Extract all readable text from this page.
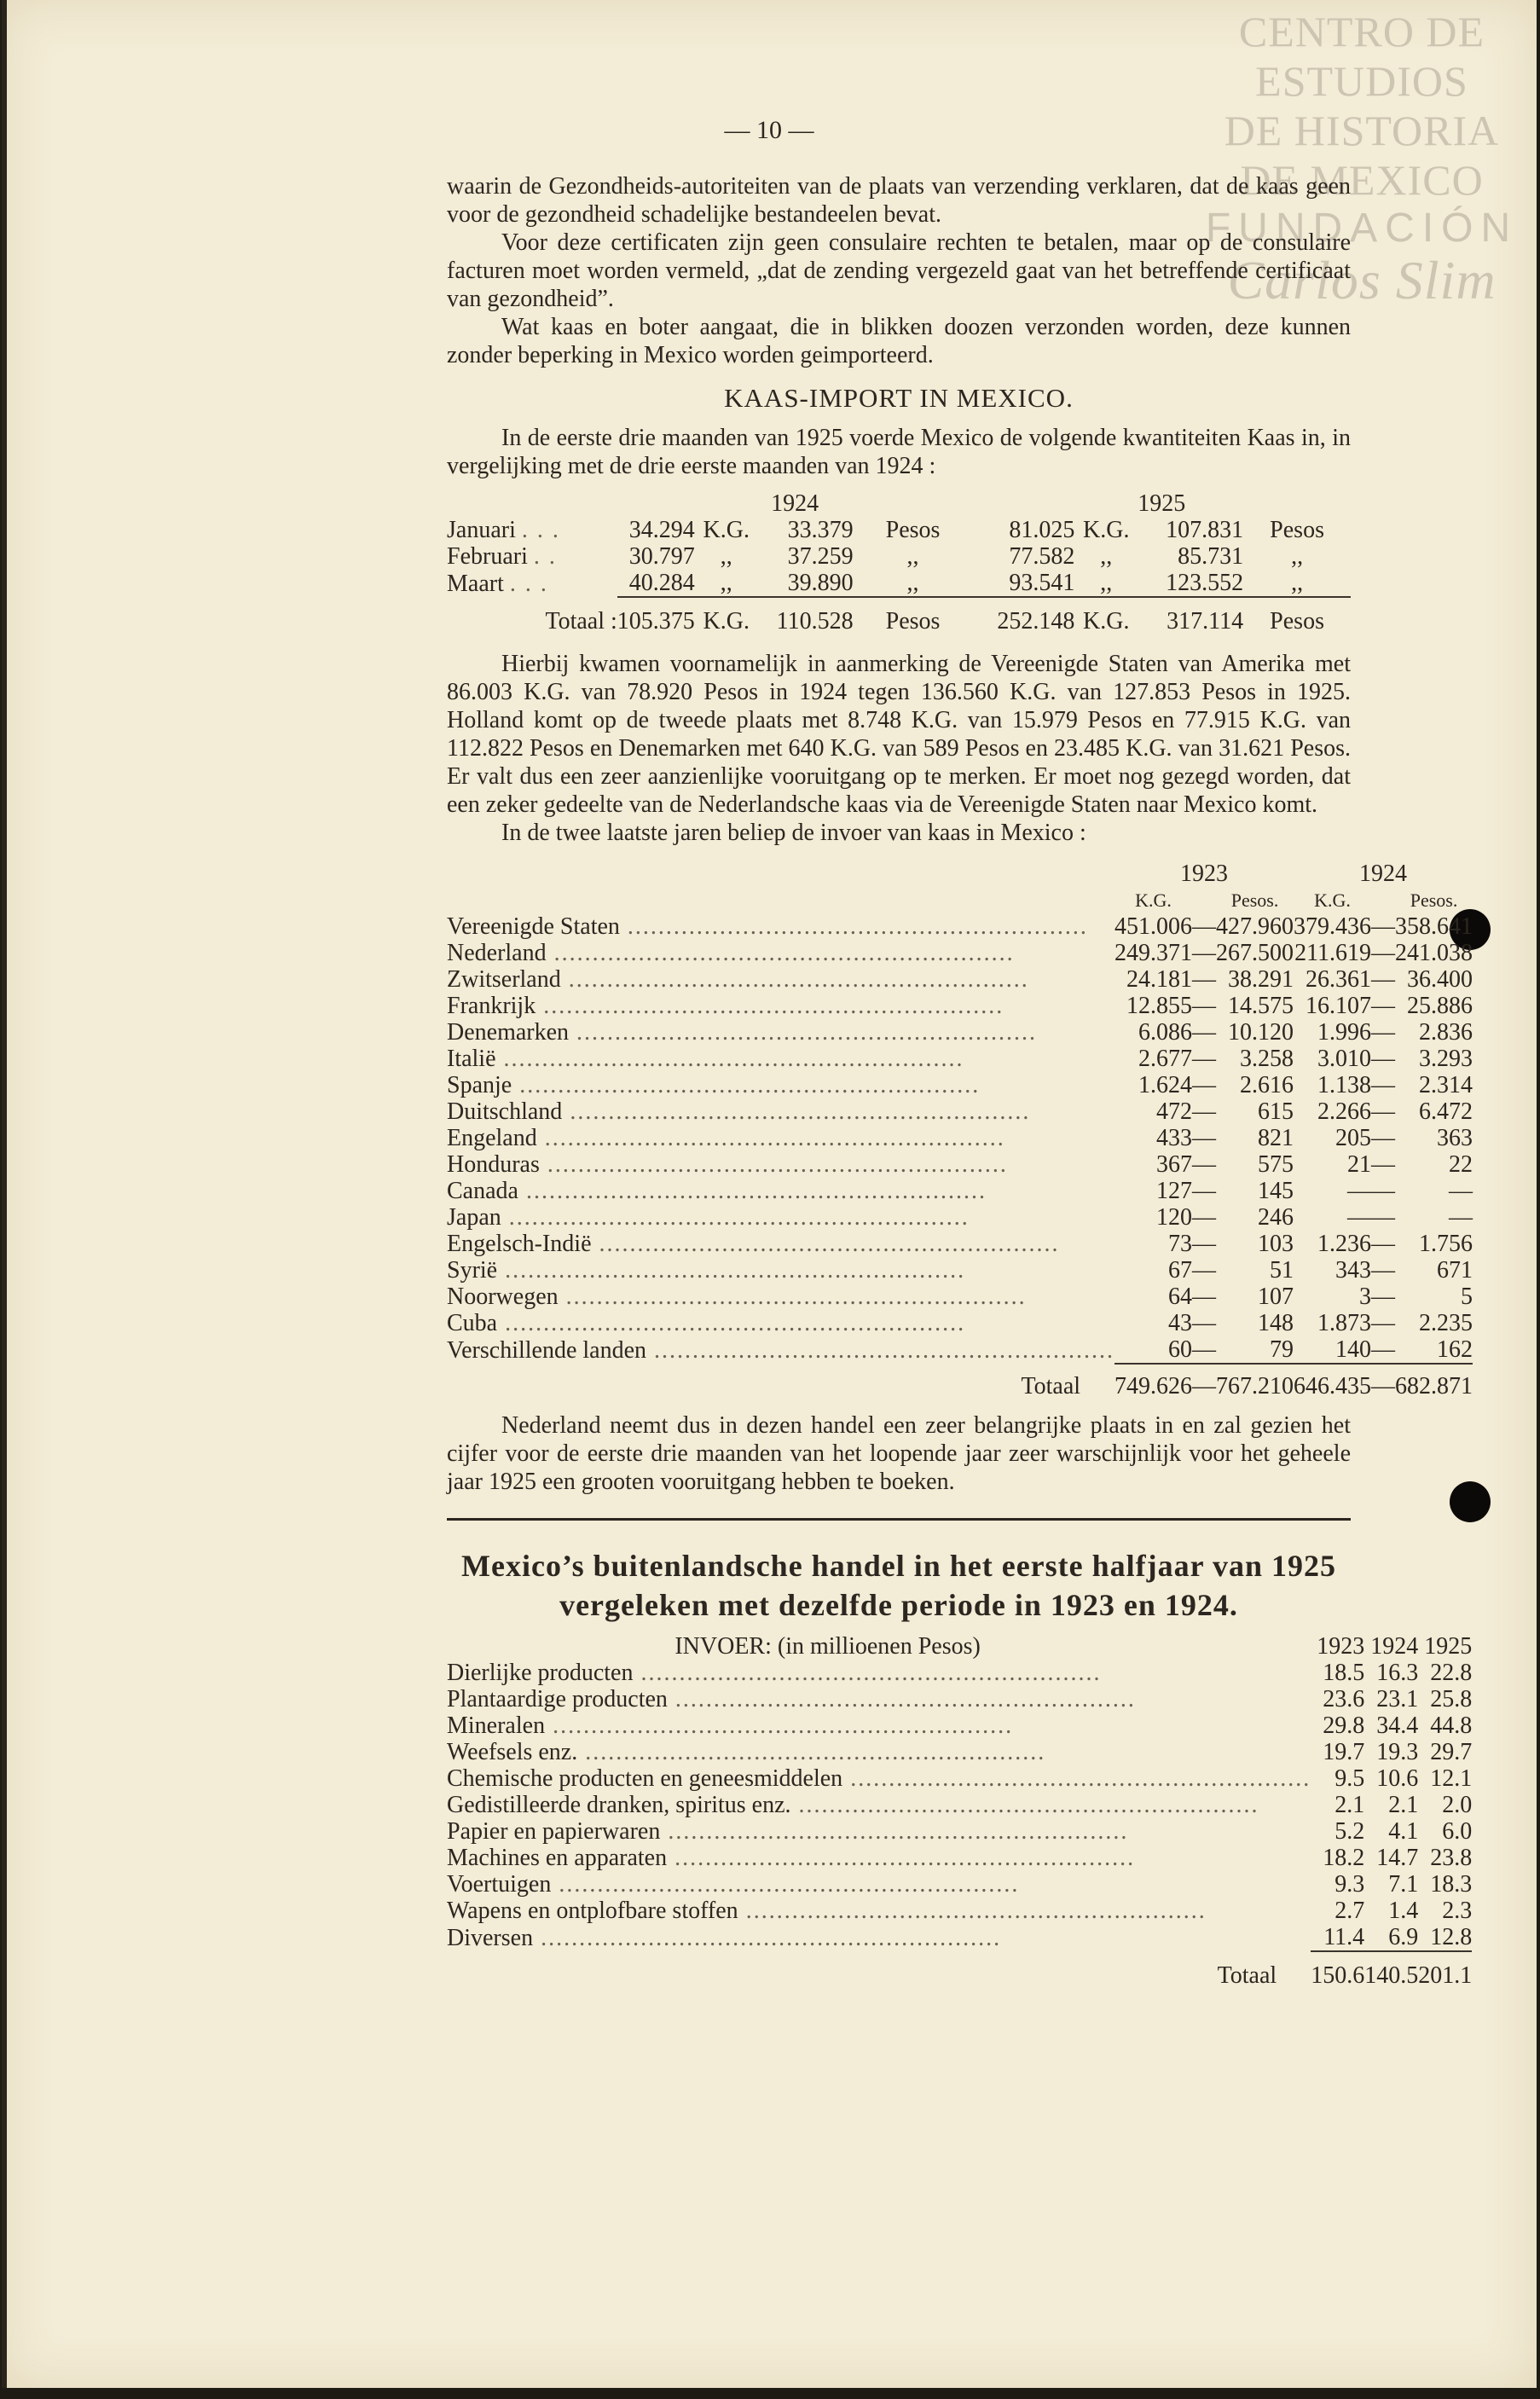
CENTRO DE
ESTUDIOS
DE HISTORIA
DE MEXICO
FUNDACIÓN
Carlos Slim
— 10 —

waarin de Gezondheids-autoriteiten van de plaats van verzending verklaren, dat de kaas geen voor de gezondheid schadelijke bestandeelen bevat.

Voor deze certificaten zijn geen consulaire rechten te betalen, maar op de consulaire facturen moet worden vermeld, „dat de zending vergezeld gaat van het betreffende certificaat van gezondheid”.

Wat kaas en boter aangaat, die in blikken doozen verzonden worden, deze kunnen zonder beperking in Mexico worden geimporteerd.

KAAS-IMPORT IN MEXICO.

In de eerste drie maanden van 1925 voerde Mexico de volgende kwantiteiten Kaas in, in vergelijking met de drie eerste maanden van 1924 :

	1924				1925			
Januari . . .	34.294	K.G.	33.379	Pesos	81.025	K.G.	107.831	Pesos
Februari . .	30.797	,,	37.259	,,	77.582	,,	85.731	,,
Maart . . .	40.284	,,	39.890	,,	93.541	,,	123.552	,,
Totaal :	105.375	K.G.	110.528	Pesos	252.148	K.G.	317.114	Pesos

Hierbij kwamen voornamelijk in aanmerking de Vereenigde Staten van Amerika met 86.003 K.G. van 78.920 Pesos in 1924 tegen 136.560 K.G. van 127.853 Pesos in 1925. Holland komt op de tweede plaats met 8.748 K.G. van 15.979 Pesos en 77.915 K.G. van 112.822 Pesos en Denemarken met 640 K.G. van 589 Pesos en 23.485 K.G. van 31.621 Pesos. Er valt dus een zeer aanzienlijke vooruitgang op te merken. Er moet nog gezegd worden, dat een zeker gedeelte van de Nederlandsche kaas via de Vereenigde Staten naar Mexico komt.

In de twee laatste jaren beliep de invoer van kaas in Mexico :

	1923			1924		
	K.G.		Pesos.		K.G.		Pesos.
Vereenigde Staten ............................................................	451.006	—	427.960		379.436	—	358.641
Nederland ............................................................	249.371	—	267.500		211.619	—	241.038
Zwitserland ............................................................	24.181	—	38.291		26.361	—	36.400
Frankrijk ............................................................	12.855	—	14.575		16.107	—	25.886
Denemarken ............................................................	6.086	—	10.120		1.996	—	2.836
Italië ............................................................	2.677	—	3.258		3.010	—	3.293
Spanje ............................................................	1.624	—	2.616		1.138	—	2.314
Duitschland ............................................................	472	—	615		2.266	—	6.472
Engeland ............................................................	433	—	821		205	—	363
Honduras ............................................................	367	—	575		21	—	22
Canada ............................................................	127	—	145		—	—	—
Japan ............................................................	120	—	246		—	—	—
Engelsch-Indië ............................................................	73	—	103		1.236	—	1.756
Syrië ............................................................	67	—	51		343	—	671
Noorwegen ............................................................	64	—	107		3	—	5
Cuba ............................................................	43	—	148		1.873	—	2.235
Verschillende landen ............................................................	60	—	79		140	—	162
Totaal	749.626	—	767.210		646.435	—	682.871

Nederland neemt dus in dezen handel een zeer belangrijke plaats in en zal gezien het cijfer voor de eerste drie maanden van het loopende jaar zeer warschijnlijk voor het geheele jaar 1925 een grooten vooruitgang hebben te boeken.

Mexico’s buitenlandsche handel in het eerste halfjaar van 1925 vergeleken met dezelfde periode in 1923 en 1924.
INVOER: (in millioenen Pesos)	1923	1924	1925
Dierlijke producten ............................................................	18.5	16.3	22.8
Plantaardige producten ............................................................	23.6	23.1	25.8
Mineralen ............................................................	29.8	34.4	44.8
Weefsels enz. ............................................................	19.7	19.3	29.7
Chemische producten en geneesmiddelen ............................................................	9.5	10.6	12.1
Gedistilleerde dranken, spiritus enz. ............................................................	2.1	2.1	2.0
Papier en papierwaren ............................................................	5.2	4.1	6.0
Machines en apparaten ............................................................	18.2	14.7	23.8
Voertuigen ............................................................	9.3	7.1	18.3
Wapens en ontplofbare stoffen ............................................................	2.7	1.4	2.3
Diversen ............................................................	11.4	6.9	12.8
Totaal	150.6	140.5	201.1
